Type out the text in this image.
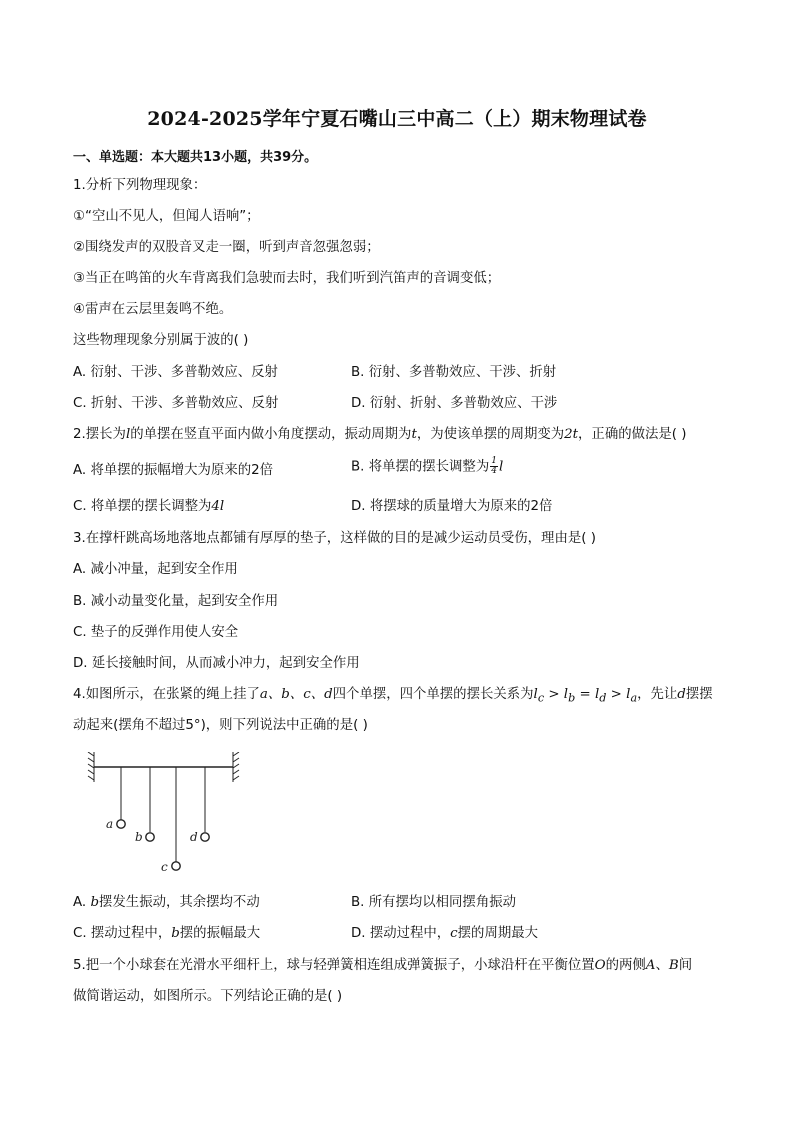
2024-2025学年宁夏石嘴山三中高二（上）期末物理试卷
一、单选题：本大题共13小题，共39分。
1.分析下列物理现象：
①“空山不见人，但闻人语响”；
②围绕发声的双股音叉走一圈，听到声音忽强忽弱；
③当正在鸣笛的火车背离我们急驶而去时，我们听到汽笛声的音调变低；
④雷声在云层里轰鸣不绝。
这些物理现象分别属于波的( )
A. 衍射、干涉、多普勒效应、反射	B. 衍射、多普勒效应、干涉、折射
C. 折射、干涉、多普勒效应、反射	D. 衍射、折射、多普勒效应、干涉
2.摆长为l的单摆在竖直平面内做小角度摆动，振动周期为t，为使该单摆的周期变为2t，正确的做法是( )
A. 将单摆的振幅增大为原来的2倍	B. 将单摆的摆长调整为 $\frac{1}{4}$ l
C. 将单摆的摆长调整为4l	D. 将摆球的质量增大为原来的2倍
3.在撑杆跳高场地落地点都铺有厚厚的垫子，这样做的目的是减少运动员受伤，理由是( )
A. 减小冲量，起到安全作用
B. 减小动量变化量，起到安全作用
C. 垫子的反弹作用使人安全
D. 延长接触时间，从而减小冲力，起到安全作用
4.如图所示，在张紧的绳上挂了a、b、c、d四个单摆，四个单摆的摆长关系为$l_c > l_b = l_d > l_a$，先让d摆摆
动起来(摆角不超过5°)，则下列说法中正确的是( )
a
b
c
d
A. b摆发生振动，其余摆均不动	B. 所有摆均以相同摆角振动
C. 摆动过程中，b摆的振幅最大	D. 摆动过程中，c摆的周期最大
5.把一个小球套在光滑水平细杆上，球与轻弹簧相连组成弹簧振子，小球沿杆在平衡位置O的两侧A、B间
做简谐运动，如图所示。下列结论正确的是( )
